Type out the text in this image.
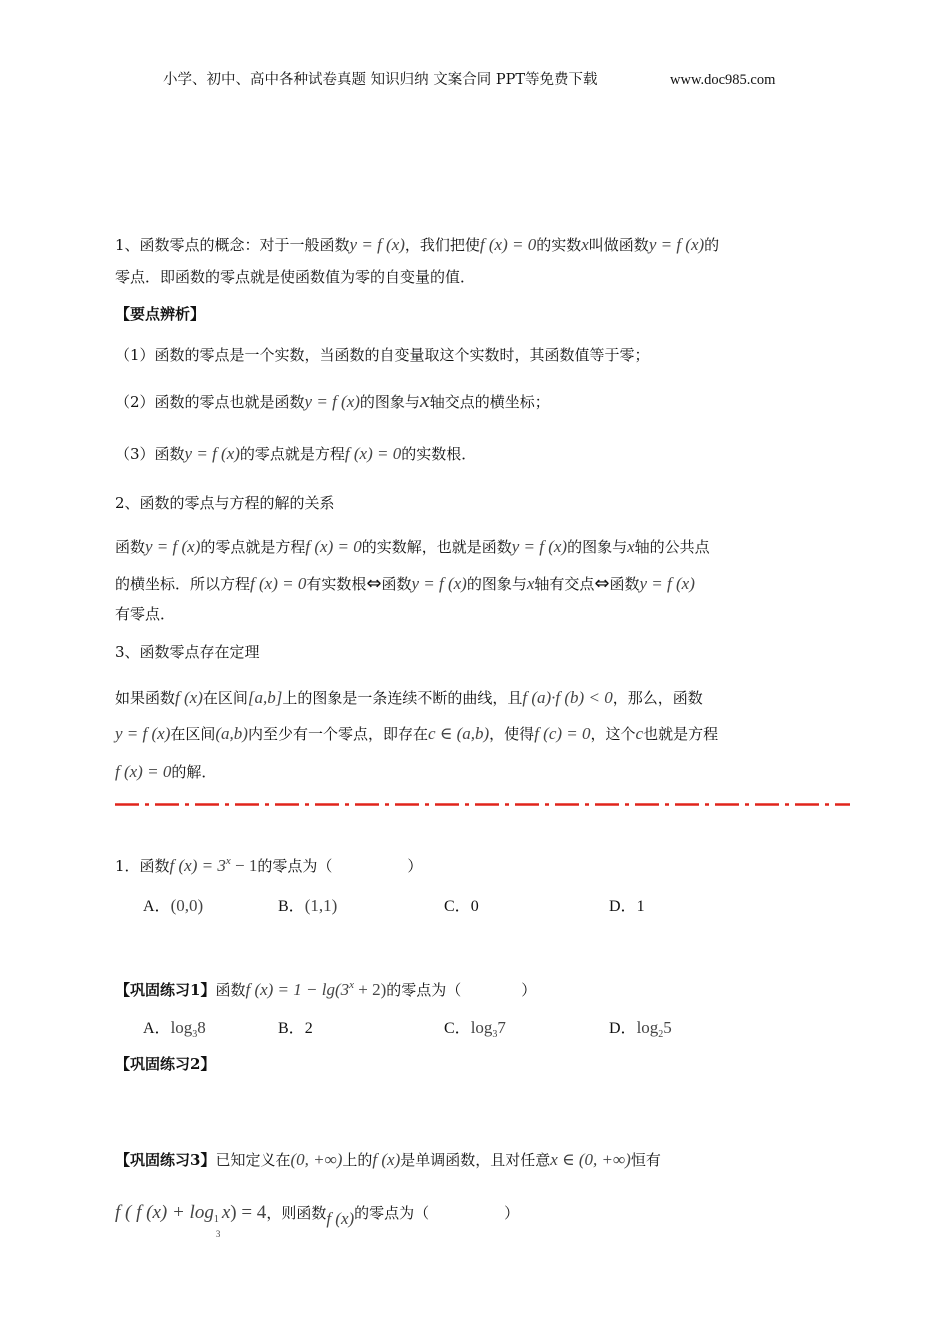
小学、初中、高中各种试卷真题 知识归纳 文案合同 PPT等免费下载	www.doc985.com
1、函数零点的概念：对于一般函数y = f (x)，我们把使f (x) = 0的实数x叫做函数y = f (x)的
零点．即函数的零点就是使函数值为零的自变量的值．
【要点辨析】
（1）函数的零点是一个实数，当函数的自变量取这个实数时，其函数值等于零；
（2）函数的零点也就是函数y = f (x)的图象与x轴交点的横坐标；
（3）函数y = f (x)的零点就是方程f (x) = 0的实数根．
2、函数的零点与方程的解的关系
函数y = f (x)的零点就是方程f (x) = 0的实数解，也就是函数y = f (x)的图象与x轴的公共点
的横坐标．所以方程f (x) = 0有实数根⇔函数y = f (x)的图象与x轴有交点⇔函数y = f (x)
有零点．
3、函数零点存在定理
如果函数f (x)在区间[a,b]上的图象是一条连续不断的曲线，且f (a)·f (b) < 0，那么，函数
y = f (x)在区间(a,b)内至少有一个零点，即存在c ∈ (a,b)，使得f (c) = 0，这个c也就是方程
f (x) = 0的解．
1．函数f $(x) = 3^x - 1$的零点为（　　　　　）
A．(0,0)	B．(1,1)	C．0	D．1
【巩固练习1】函数f $(x) = 1 - \lg(3^x + 2)$的零点为（　　　　）
A．$\log_38$	B．2	C．$\log_37$	D．$\log_25$
【巩固练习2】
【巩固练习3】已知定义在(0, +∞)上的f (x)是单调函数，且对任意x ∈ (0, +∞)恒有
f ( f (x) + log1
3
x) = 4，则函数f (x)的零点为（　　　　　）
